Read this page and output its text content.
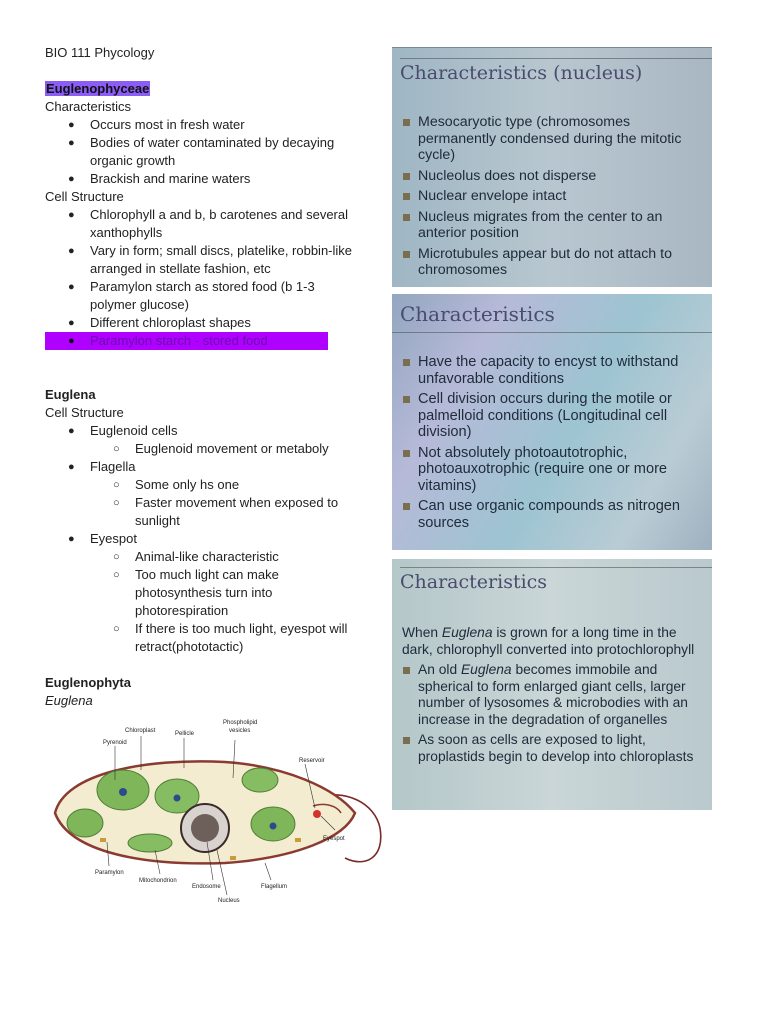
BIO 111 Phycology
Euglenophyceae
Characteristics
● Occurs most in fresh water
● Bodies of water contaminated by decaying
organic growth
● Brackish and marine waters
Cell Structure
● Chlorophyll a and b, b carotenes and several
xanthophylls
● Vary in form; small discs, platelike, robbin-like
arranged in stellate fashion, etc
● Paramylon starch as stored food (b 1-3
polymer glucose)
● Different chloroplast shapes
● Paramylon starch - stored food
Euglena
Cell Structure
● Euglenoid cells
○ Euglenoid movement or metaboly
● Flagella
○ Some only hs one
○ Faster movement when exposed to
sunlight
● Eyespot
○ Animal-like characteristic
○ Too much light can make
photosynthesis turn into
photorespiration
○ If there is too much light, eyespot will
retract(phototactic)
Euglenophyta
Euglena
Chloroplast	Pellicle
Phospholipid
vesicles
Pyrenoid
Reservoir
Eyespot
Paramylon
Mitochondrion
Endosome	Flagellum
Nucleus
Characteristics (nucleus)
Mesocaryotic type (chromosomes permanently condensed during the mitotic cycle)
Nucleolus does not disperse
Nuclear envelope intact
Nucleus migrates from the center to an anterior position
Microtubules appear but do not attach to chromosomes
Characteristics
Have the capacity to encyst to withstand unfavorable conditions
Cell division occurs during the motile or palmelloid conditions (Longitudinal cell division)
Not absolutely photoautotrophic, photoauxotrophic (require one or more vitamins)
Can use organic compounds as nitrogen sources
Characteristics
When Euglena is grown for a long time in the dark, chlorophyll converted into protochlorophyll
An old Euglena becomes immobile and spherical to form enlarged giant cells, larger number of lysosomes & microbodies with an increase in the degradation of organelles
As soon as cells are exposed to light, proplastids begin to develop into chloroplasts
